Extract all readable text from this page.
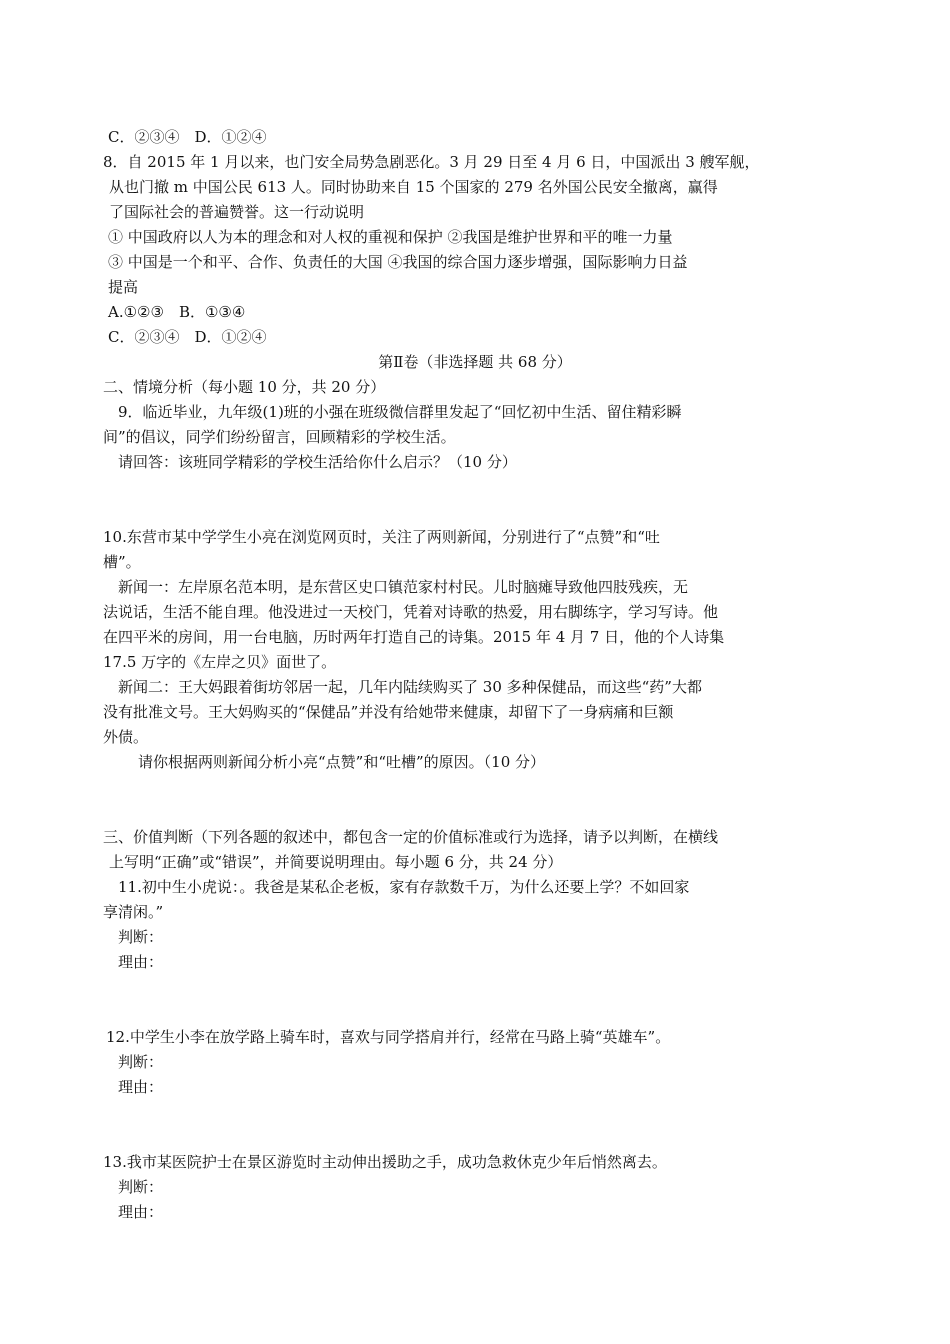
C．②③④　D．①②④
8．自 2015 年 1 月以来，也门安全局势急剧恶化。3 月 29 日至 4 月 6 日，中国派出 3 艘军舰，
从也门撤 m 中国公民 613 人。同时协助来自 15 个国家的 279 名外国公民安全撤离，赢得
了国际社会的普遍赞誉。这一行动说明
① 中国政府以人为本的理念和对人权的重视和保护 ②我国是维护世界和平的唯一力量
③ 中国是一个和平、合作、负责任的大国 ④我国的综合国力逐步增强，国际影响力日益
提高
A.①②③　B．①③④
C．②③④　D．①②④
第Ⅱ卷（非选择题 共 68 分）
二、情境分析（每小题 10 分，共 20 分）
9．临近毕业，九年级(1)班的小强在班级微信群里发起了“回忆初中生活、留住精彩瞬
间”的倡议，同学们纷纷留言，回顾精彩的学校生活。
请回答：该班同学精彩的学校生活给你什么启示？（10 分）
10.东营市某中学学生小亮在浏览网页时，关注了两则新闻，分别进行了“点赞”和“吐
槽”。
新闻一：左岸原名范本明，是东营区史口镇范家村村民。儿时脑瘫导致他四肢残疾，无
法说话，生活不能自理。他没进过一天校门，凭着对诗歌的热爱，用右脚练字，学习写诗。他
在四平米的房间，用一台电脑，历时两年打造自己的诗集。2015 年 4 月 7 日，他的个人诗集
17.5 万字的《左岸之贝》面世了。
新闻二：王大妈跟着街坊邻居一起，几年内陆续购买了 30 多种保健品，而这些“药”大都
没有批准文号。王大妈购买的“保健品”并没有给她带来健康，却留下了一身病痛和巨额
外债。
请你根据两则新闻分析小亮“点赞”和“吐槽”的原因。（10 分）
三、价值判断（下列各题的叙述中，都包含一定的价值标准或行为选择，请予以判断，在横线
上写明“正确”或“错误”，并简要说明理由。每小题 6 分，共 24 分）
11.初中生小虎说：。我爸是某私企老板，家有存款数千万，为什么还要上学？不如回家
享清闲。”
判断：
理由：
12.中学生小李在放学路上骑车时，喜欢与同学搭肩并行，经常在马路上骑“英雄车”。
判断：
理由：
13.我市某医院护士在景区游览时主动伸出援助之手，成功急救休克少年后悄然离去。
判断：
理由：
